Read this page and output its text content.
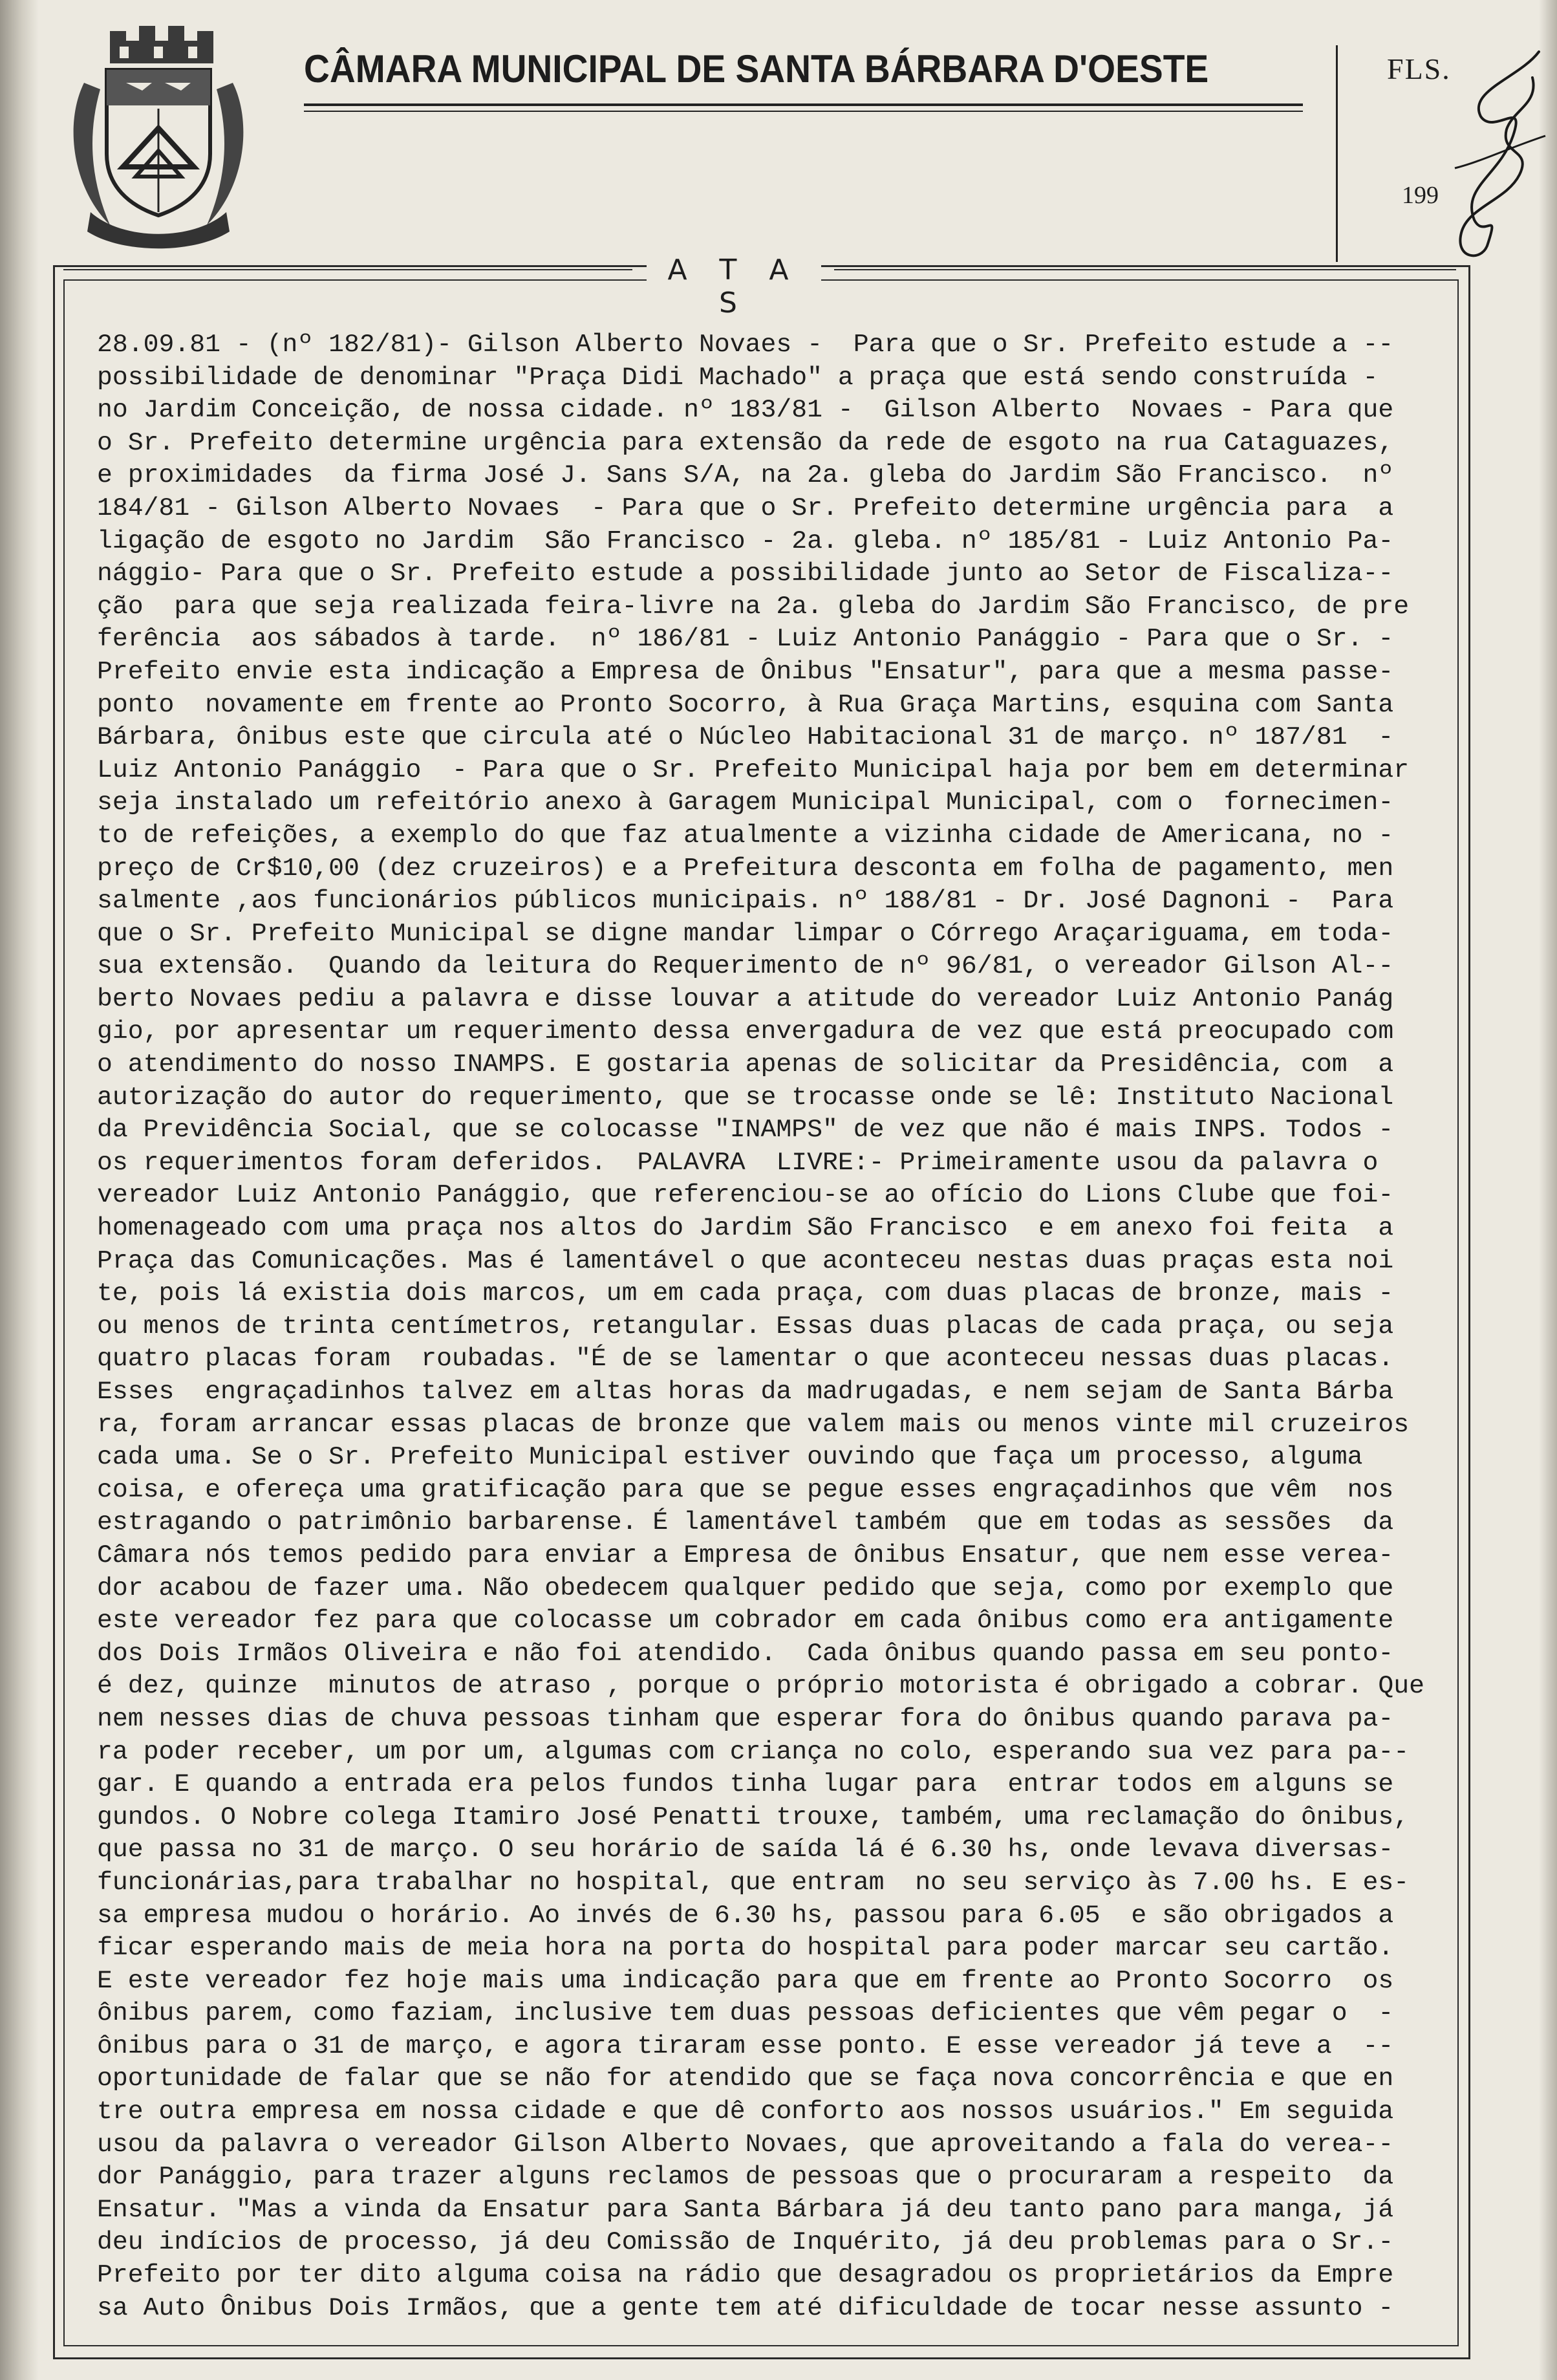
CÂMARA MUNICIPAL DE SANTA BÁRBARA D'OESTE	FLS.
199
A T A S
28.09.81 - (nº 182/81)- Gilson Alberto Novaes -  Para que o Sr. Prefeito estude a --
possibilidade de denominar "Praça Didi Machado" a praça que está sendo construída -
no Jardim Conceição, de nossa cidade. nº 183/81 -  Gilson Alberto  Novaes - Para que
o Sr. Prefeito determine urgência para extensão da rede de esgoto na rua Cataguazes,
e proximidades  da firma José J. Sans S/A, na 2a. gleba do Jardim São Francisco.  nº
184/81 - Gilson Alberto Novaes  - Para que o Sr. Prefeito determine urgência para  a
ligação de esgoto no Jardim  São Francisco - 2a. gleba. nº 185/81 - Luiz Antonio Pa-
nággio- Para que o Sr. Prefeito estude a possibilidade junto ao Setor de Fiscaliza--
ção  para que seja realizada feira-livre na 2a. gleba do Jardim São Francisco, de pre
ferência  aos sábados à tarde.  nº 186/81 - Luiz Antonio Panággio - Para que o Sr. -
Prefeito envie esta indicação a Empresa de Ônibus "Ensatur", para que a mesma passe-
ponto  novamente em frente ao Pronto Socorro, à Rua Graça Martins, esquina com Santa
Bárbara, ônibus este que circula até o Núcleo Habitacional 31 de março. nº 187/81  -
Luiz Antonio Panággio  - Para que o Sr. Prefeito Municipal haja por bem em determinar
seja instalado um refeitório anexo à Garagem Municipal Municipal, com o  fornecimen-
to de refeições, a exemplo do que faz atualmente a vizinha cidade de Americana, no -
preço de Cr$10,00 (dez cruzeiros) e a Prefeitura desconta em folha de pagamento, men
salmente ,aos funcionários públicos municipais. nº 188/81 - Dr. José Dagnoni -  Para
que o Sr. Prefeito Municipal se digne mandar limpar o Córrego Araçariguama, em toda-
sua extensão.  Quando da leitura do Requerimento de nº 96/81, o vereador Gilson Al--
berto Novaes pediu a palavra e disse louvar a atitude do vereador Luiz Antonio Panág
gio, por apresentar um requerimento dessa envergadura de vez que está preocupado com
o atendimento do nosso INAMPS. E gostaria apenas de solicitar da Presidência, com  a
autorização do autor do requerimento, que se trocasse onde se lê: Instituto Nacional
da Previdência Social, que se colocasse "INAMPS" de vez que não é mais INPS. Todos -
os requerimentos foram deferidos.  PALAVRA  LIVRE:- Primeiramente usou da palavra o
vereador Luiz Antonio Panággio, que referenciou-se ao ofício do Lions Clube que foi-
homenageado com uma praça nos altos do Jardim São Francisco  e em anexo foi feita  a
Praça das Comunicações. Mas é lamentável o que aconteceu nestas duas praças esta noi
te, pois lá existia dois marcos, um em cada praça, com duas placas de bronze, mais -
ou menos de trinta centímetros, retangular. Essas duas placas de cada praça, ou seja
quatro placas foram  roubadas. "É de se lamentar o que aconteceu nessas duas placas.
Esses  engraçadinhos talvez em altas horas da madrugadas, e nem sejam de Santa Bárba
ra, foram arrancar essas placas de bronze que valem mais ou menos vinte mil cruzeiros
cada uma. Se o Sr. Prefeito Municipal estiver ouvindo que faça um processo, alguma
coisa, e ofereça uma gratificação para que se pegue esses engraçadinhos que vêm  nos
estragando o patrimônio barbarense. É lamentável também  que em todas as sessões  da
Câmara nós temos pedido para enviar a Empresa de ônibus Ensatur, que nem esse verea-
dor acabou de fazer uma. Não obedecem qualquer pedido que seja, como por exemplo que
este vereador fez para que colocasse um cobrador em cada ônibus como era antigamente
dos Dois Irmãos Oliveira e não foi atendido.  Cada ônibus quando passa em seu ponto-
é dez, quinze  minutos de atraso , porque o próprio motorista é obrigado a cobrar. Que
nem nesses dias de chuva pessoas tinham que esperar fora do ônibus quando parava pa-
ra poder receber, um por um, algumas com criança no colo, esperando sua vez para pa--
gar. E quando a entrada era pelos fundos tinha lugar para  entrar todos em alguns se
gundos. O Nobre colega Itamiro José Penatti trouxe, também, uma reclamação do ônibus,
que passa no 31 de março. O seu horário de saída lá é 6.30 hs, onde levava diversas-
funcionárias,para trabalhar no hospital, que entram  no seu serviço às 7.00 hs. E es-
sa empresa mudou o horário. Ao invés de 6.30 hs, passou para 6.05  e são obrigados a
ficar esperando mais de meia hora na porta do hospital para poder marcar seu cartão.
E este vereador fez hoje mais uma indicação para que em frente ao Pronto Socorro  os
ônibus parem, como faziam, inclusive tem duas pessoas deficientes que vêm pegar o  -
ônibus para o 31 de março, e agora tiraram esse ponto. E esse vereador já teve a  --
oportunidade de falar que se não for atendido que se faça nova concorrência e que en
tre outra empresa em nossa cidade e que dê conforto aos nossos usuários." Em seguida
usou da palavra o vereador Gilson Alberto Novaes, que aproveitando a fala do verea--
dor Panággio, para trazer alguns reclamos de pessoas que o procuraram a respeito  da
Ensatur. "Mas a vinda da Ensatur para Santa Bárbara já deu tanto pano para manga, já
deu indícios de processo, já deu Comissão de Inquérito, já deu problemas para o Sr.-
Prefeito por ter dito alguma coisa na rádio que desagradou os proprietários da Empre
sa Auto Ônibus Dois Irmãos, que a gente tem até dificuldade de tocar nesse assunto -
